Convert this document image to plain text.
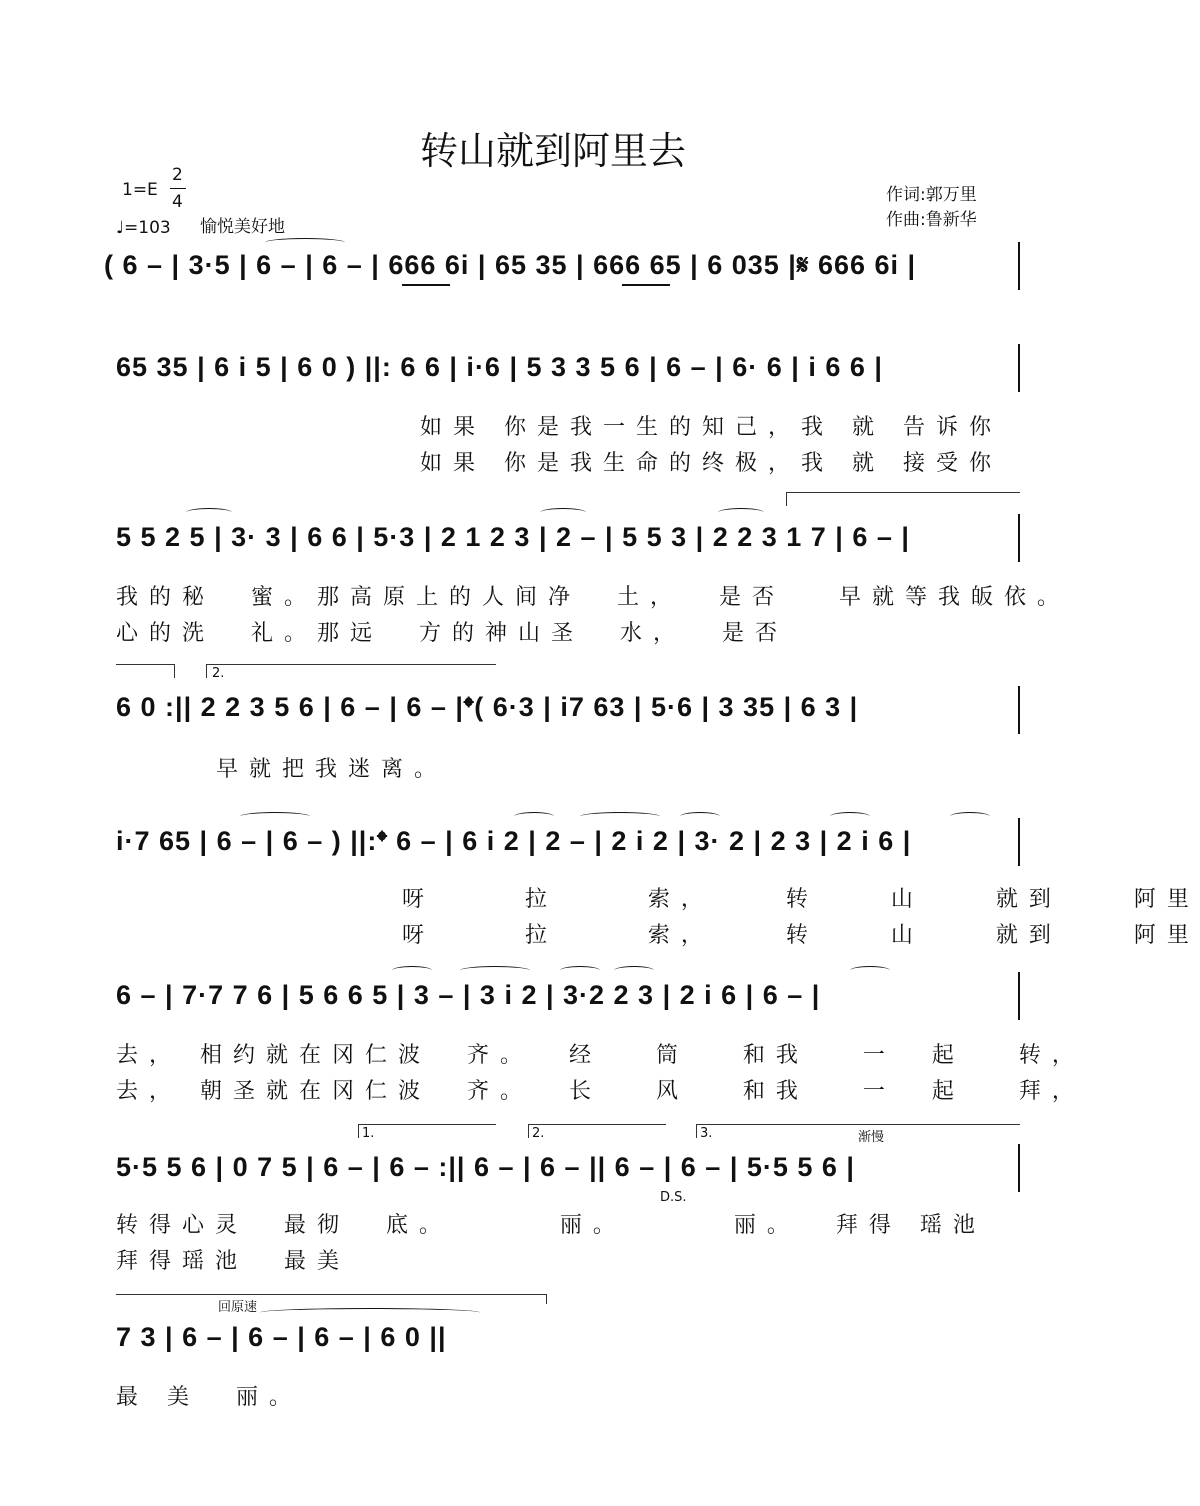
转山就到阿里去
1=E
2
4
♩=103 愉悦美好地
作词:郭万里
作曲:鲁新华
( 6 – | 3·5 | 6 – | 6 – | 666 6i | 65 35 | 666 65 | 6 035 |𝄋 666 6i |
65 35 | 6 i 5 | 6 0 ) ||: 6 6 | i·6 | 5 3 3 5 6 | 6 – | 6· 6 | i 6 6 |
如果 你是我一生的知己，我 就 告诉你
如果 你是我生命的终极，我 就 接受你
5 5 2 5 | 3· 3 | 6 6 | 5·3 | 2 1 2 3 | 2 – | 5 5 3 | 2 2 3 1 7 | 6 – |
我的秘  蜜。那高原上的人间净  土，  是否   早就等我皈依。
心的洗  礼。那远  方的神山圣  水，  是否
2.
6 0 :|| 2 2 3 5 6 | 6 – | 6 – |𝄌( 6·3 | i7 63 | 5·6 | 3 35 | 6 3 |
早就把我迷离。
i·7 65 | 6 – | 6 – ) ||:𝄌 6 – | 6 i 2 | 2 – | 2 i 2 | 3· 2 | 2 3 | 2 i 6 |
呀     拉     索，    转    山    就到    阿里
呀     拉     索，    转    山    就到    阿里
6 – | 7·7 7 6 | 5 6 6 5 | 3 – | 3 i 2 | 3·2 2 3 | 2 i 6 | 6 – |
去， 相约就在冈仁波  齐。  经   筒   和我   一  起   转，
去， 朝圣就在冈仁波  齐。  长   风   和我   一  起   拜，
1.	2.	3.	渐慢
5·5 5 6 | 0 7 5 | 6 – | 6 – :|| 6 – | 6 – || 6 – | 6 – | 5·5 5 6 |
D.S.
转得心灵  最彻  底。      丽。      丽。  拜得 瑶池
拜得瑶池  最美
回原速
7 3 | 6 – | 6 – | 6 – | 6 0 ||
最 美  丽。
